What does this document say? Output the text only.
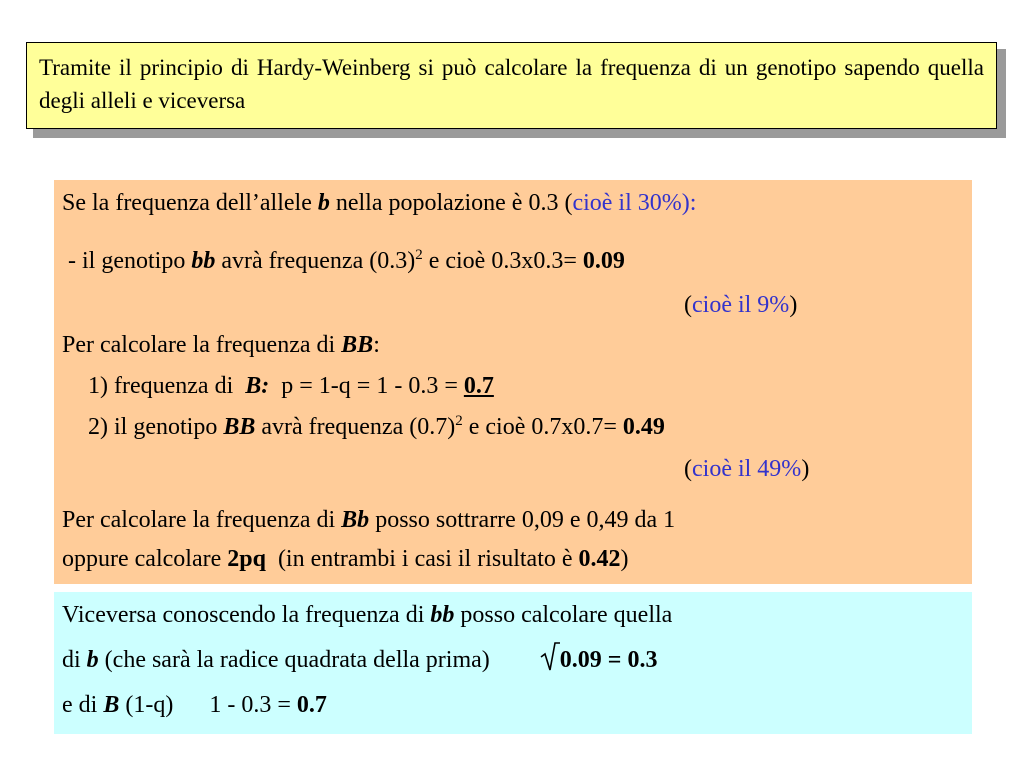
Tramite il principio di Hardy-Weinberg si può calcolare la frequenza di un genotipo sapendo quella degli alleli e viceversa
Se la frequenza dell’allele b nella popolazione è 0.3 (cioè il 30%):
- il genotipo bb avrà frequenza $(0.3)^2$ e cioè 0.3x0.3= 0.09
(cioè il 9%)
Per calcolare la frequenza di BB:
1) frequenza di  B:  p = 1-q = 1 - 0.3 = 0.7
2) il genotipo BB avrà frequenza $(0.7)^2$ e cioè 0.7x0.7= 0.49
(cioè il 49%)
Per calcolare la frequenza di Bb posso sottrarre 0,09 e 0,49 da 1
oppure calcolare 2pq  (in entrambi i casi il risultato è 0.42)
Viceversa conoscendo la frequenza di bb posso calcolare quella
di b (che sarà la radice quadrata della prima)	0.09 = 0.3
e di B (1-q)      1 - 0.3 = 0.7
